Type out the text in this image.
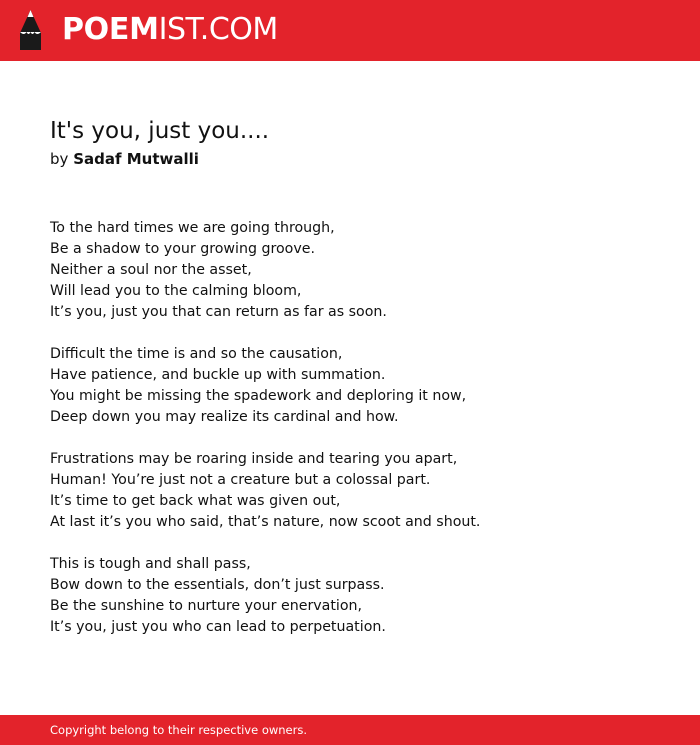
POEMIST.COM
It's you, just you....
by Sadaf Mutwalli
To the hard times we are going through,
Be a shadow to your growing groove.
Neither a soul nor the asset,
Will lead you to the calming bloom,
It’s you, just you that can return as far as soon.
Difficult the time is and so the causation,
Have patience, and buckle up with summation.
You might be missing the spadework and deploring it now,
Deep down you may realize its cardinal and how.
Frustrations may be roaring inside and tearing you apart,
Human! You’re just not a creature but a colossal part.
It’s time to get back what was given out,
At last it’s you who said, that’s nature, now scoot and shout.
This is tough and shall pass,
Bow down to the essentials, don’t just surpass.
Be the sunshine to nurture your enervation,
It’s you, just you who can lead to perpetuation.
Copyright belong to their respective owners.
